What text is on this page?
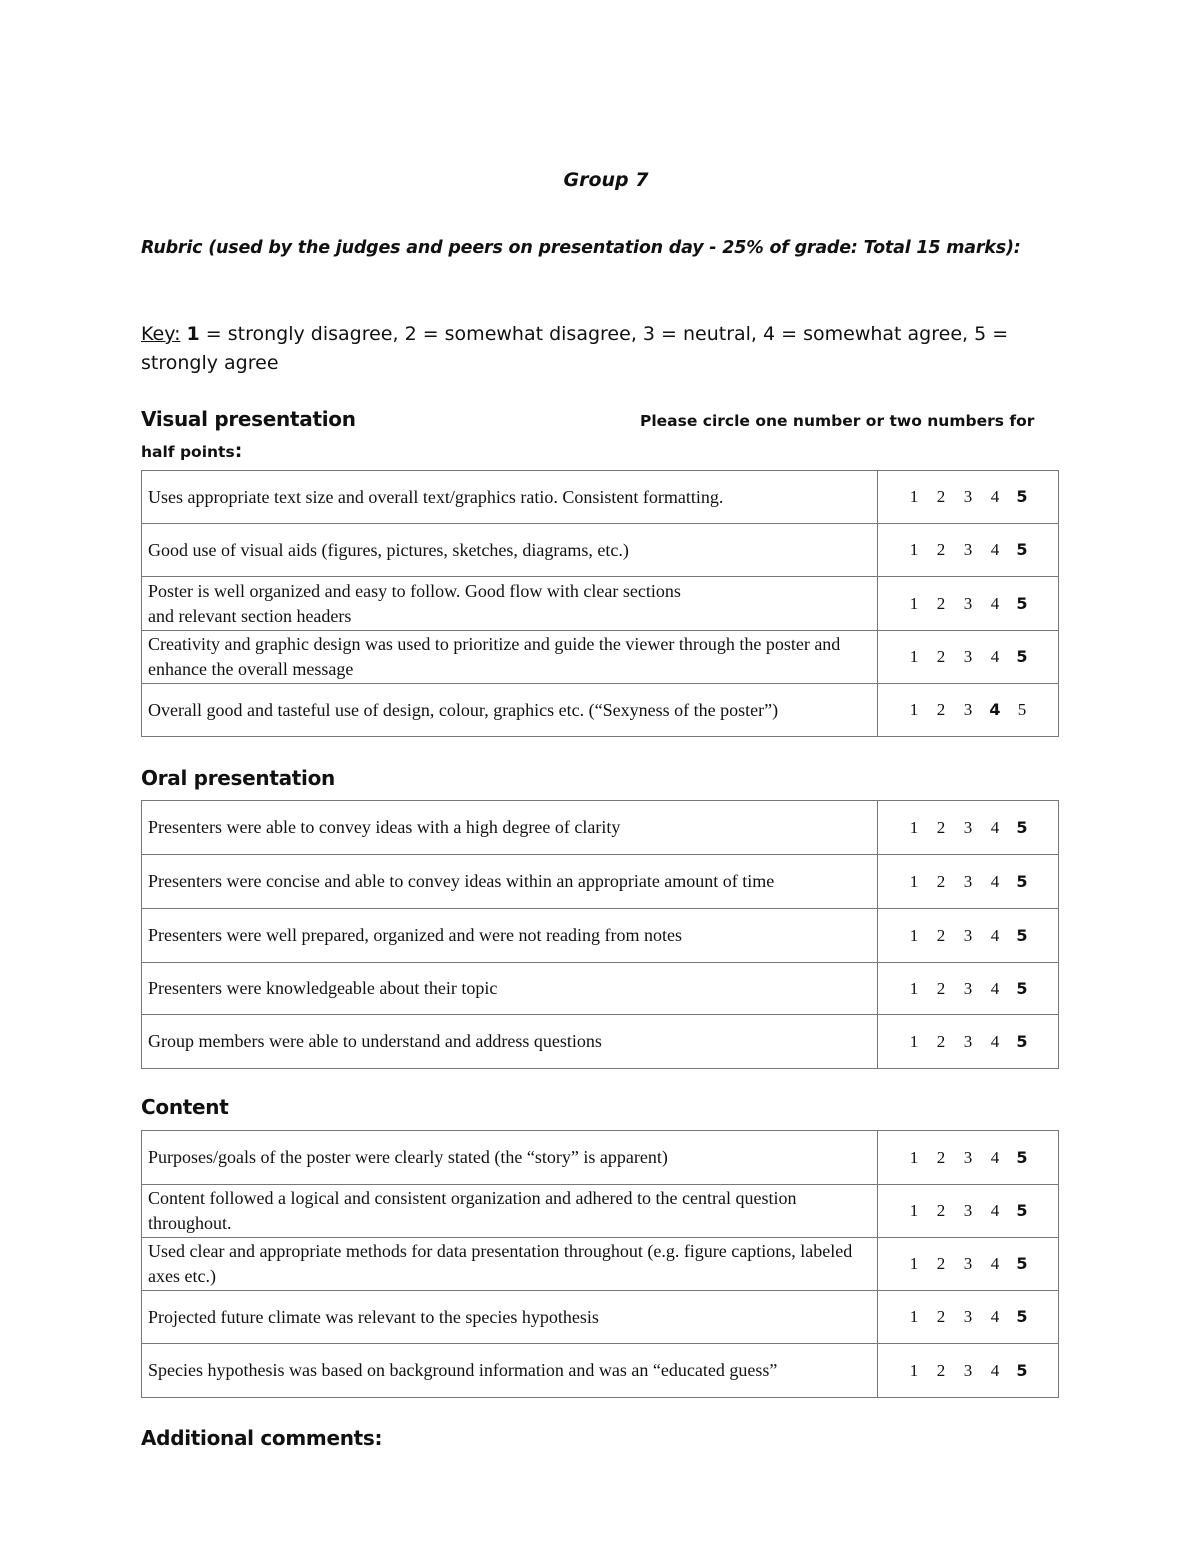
Group 7
Rubric (used by the judges and peers on presentation day - 25% of grade: Total 15 marks):
Key: 1 = strongly disagree, 2 = somewhat disagree, 3 = neutral, 4 = somewhat agree, 5 = strongly agree
Visual presentation	Please circle one number or two numbers for
half points:
Uses appropriate text size and overall text/graphics ratio. Consistent formatting.	1 2 3 4 5
Good use of visual aids (figures, pictures, sketches, diagrams, etc.)	1 2 3 4 5
Poster is well organized and easy to follow. Good flow with clear sections
and relevant section headers	1 2 3 4 5
Creativity and graphic design was used to prioritize and guide the viewer through the poster and enhance the overall message	1 2 3 4 5
Overall good and tasteful use of design, colour, graphics etc. (“Sexyness of the poster”)	1 2 3 4 5
Oral presentation
Presenters were able to convey ideas with a high degree of clarity	1 2 3 4 5
Presenters were concise and able to convey ideas within an appropriate amount of time	1 2 3 4 5
Presenters were well prepared, organized and were not reading from notes	1 2 3 4 5
Presenters were knowledgeable about their topic	1 2 3 4 5
Group members were able to understand and address questions	1 2 3 4 5
Content
Purposes/goals of the poster were clearly stated (the “story” is apparent)	1 2 3 4 5
Content followed a logical and consistent organization and adhered to the central question throughout.	1 2 3 4 5
Used clear and appropriate methods for data presentation throughout (e.g. figure captions, labeled axes etc.)	1 2 3 4 5
Projected future climate was relevant to the species hypothesis	1 2 3 4 5
Species hypothesis was based on background information and was an “educated guess”	1 2 3 4 5
Additional comments:
